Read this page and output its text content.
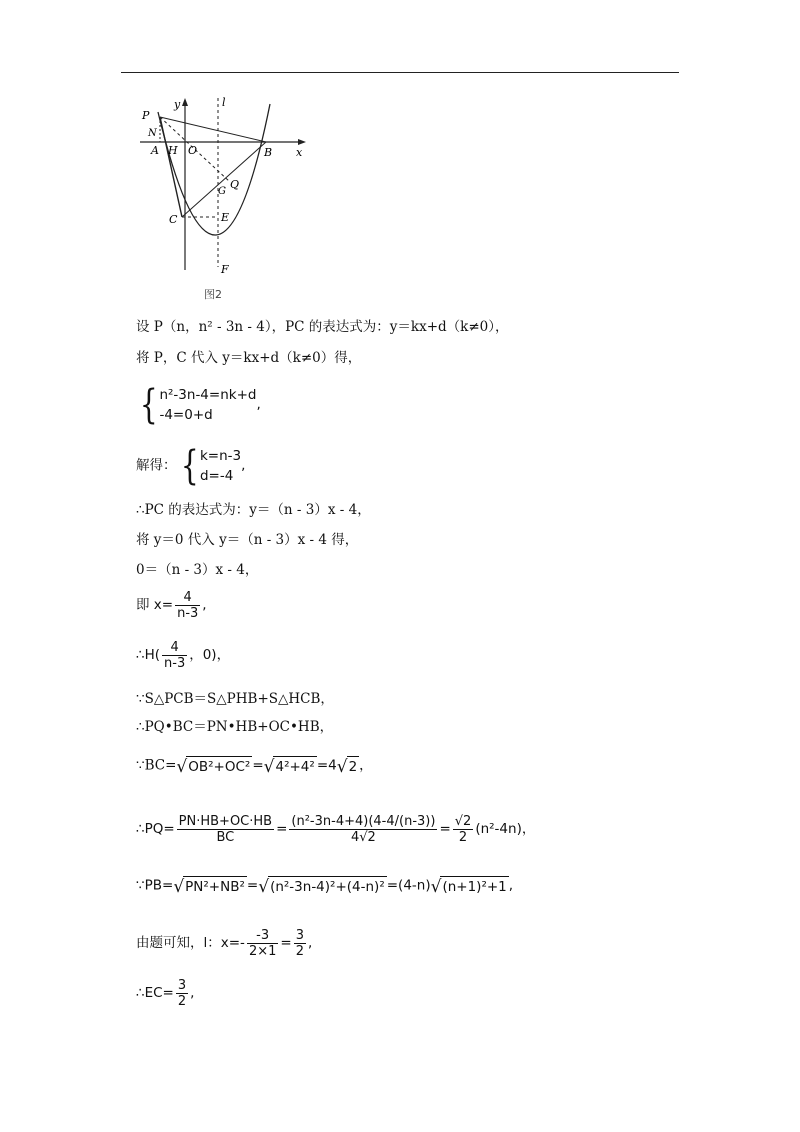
P
N
A H O	B x
y	l
G
Q
C	E
F
图2
设 P（n，n² - 3n - 4），PC 的表达式为：y＝kx+d（k≠0），
将 P，C 代入 y＝kx+d（k≠0）得，
{ n²-3n-4=nk+d
-4=0+d
,
解得：{ k=n-3
d=-4
,
∴PC 的表达式为：y＝（n - 3）x - 4，
将 y＝0 代入 y＝（n - 3）x - 4 得，
0＝（n - 3）x - 4，
即 $x= \frac{4}{n-3}$ ,
∴H( $\frac{4}{n-3}$ ，0)，
∵S△PCB＝S△PHB+S△HCB，
∴PQ•BC＝PN•HB+OC•HB，
∵BC=√OB²+OC² =√4²+4² =4√2 ，
∴PQ= $\frac{PN\cdot HB+OC\cdot HB}{BC} = \frac{\text{(n²-3n-4+4)(4-4/(n-3))}}{4√2} = \frac{√2}{2} (n^2-4n)$，
∵PB=√PN²+NB² =√(n²-3n-4)²+(4-n)² =(4-n)√(n+1)²+1 ,
由题可知，l：$x=- \frac{-3}{2\times 1} = \frac{3}{2}$ ,
∴EC= $\frac{3}{2}$ ,
